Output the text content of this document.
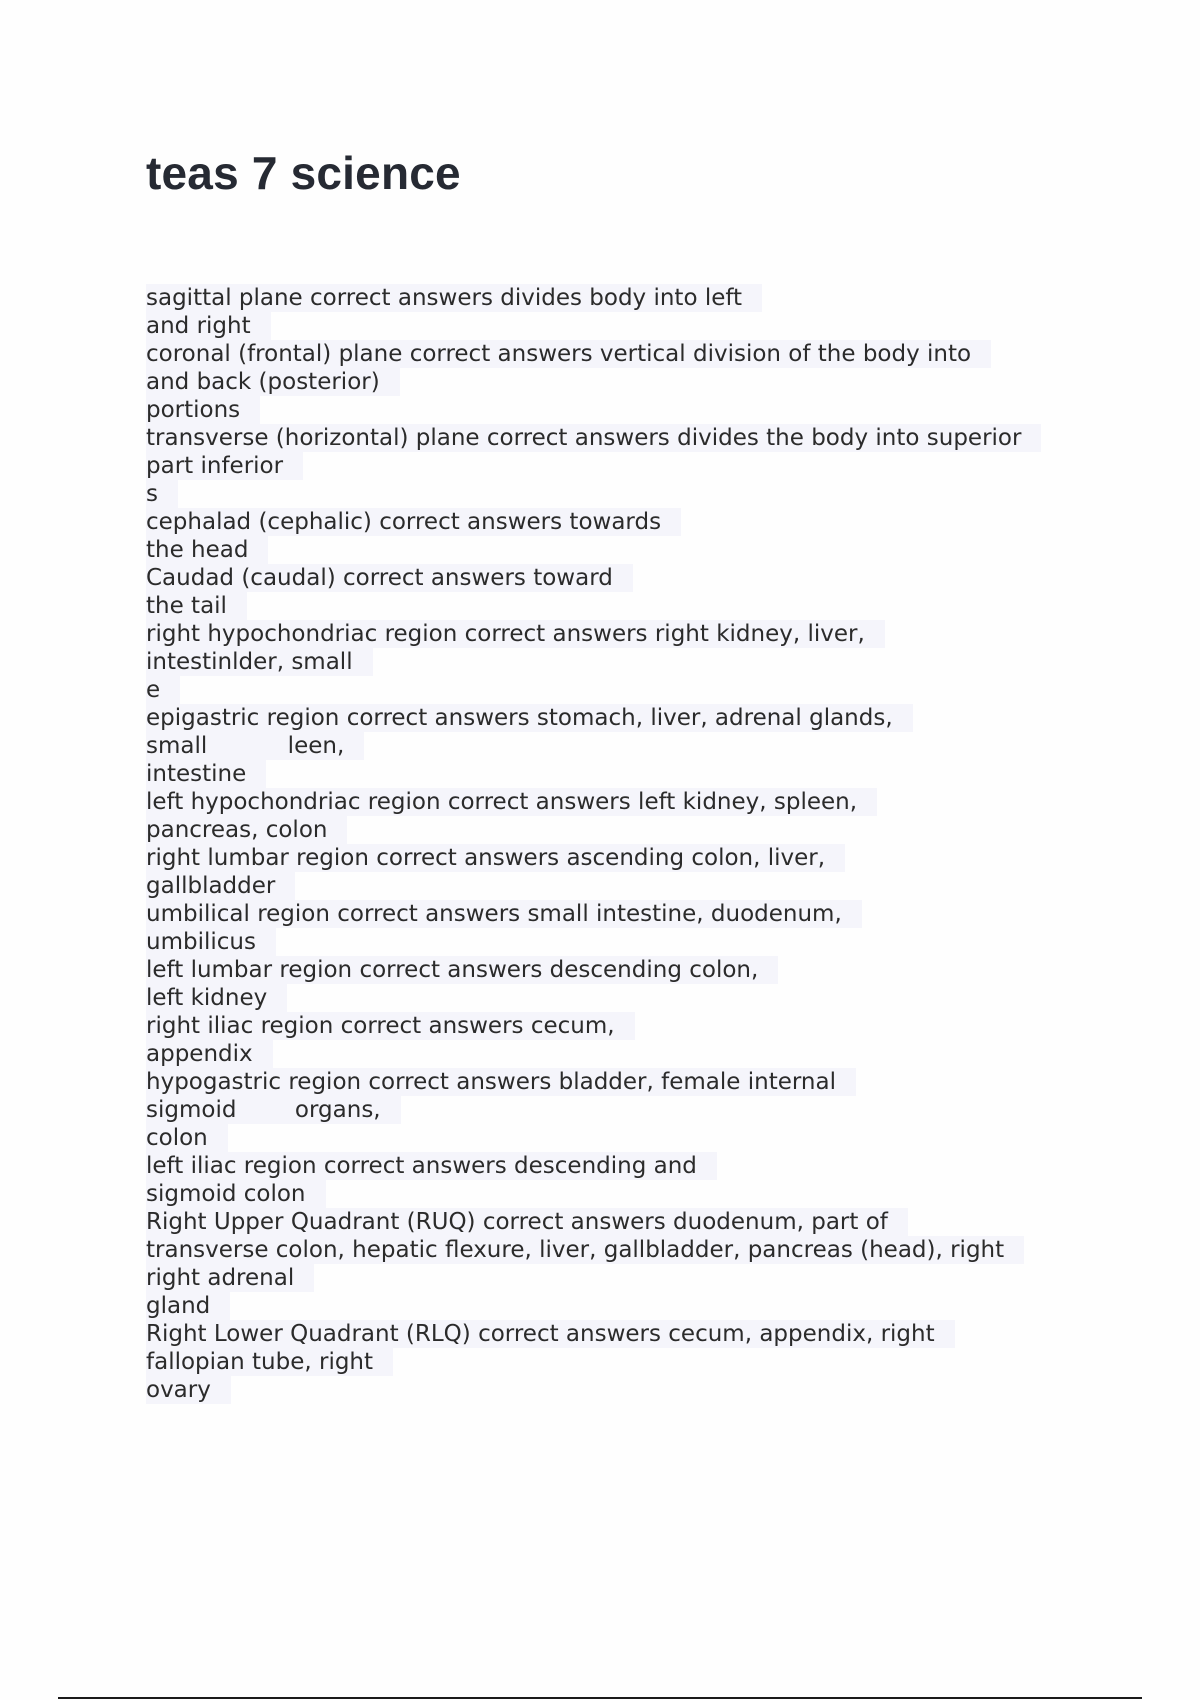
teas 7 science
sagittal plane correct answers divides body into left
and right
coronal (frontal) plane correct answers vertical division of the body into
and back (posterior)
portions
transverse (horizontal) plane correct answers divides the body into superior
part inferior
s
cephalad (cephalic) correct answers towards
the head
Caudad (caudal) correct answers toward
the tail
right hypochondriac region correct answers right kidney, liver,
intestinlder, small
e
epigastric region correct answers stomach, liver, adrenal glands,
small           leen,
intestine
left hypochondriac region correct answers left kidney, spleen,
pancreas, colon
right lumbar region correct answers ascending colon, liver,
gallbladder
umbilical region correct answers small intestine, duodenum,
umbilicus
left lumbar region correct answers descending colon,
left kidney
right iliac region correct answers cecum,
appendix
hypogastric region correct answers bladder, female internal
sigmoid        organs,
colon
left iliac region correct answers descending and
sigmoid colon
Right Upper Quadrant (RUQ) correct answers duodenum, part of
transverse colon, hepatic flexure, liver, gallbladder, pancreas (head), right
right adrenal
gland
Right Lower Quadrant (RLQ) correct answers cecum, appendix, right
fallopian tube, right
ovary
